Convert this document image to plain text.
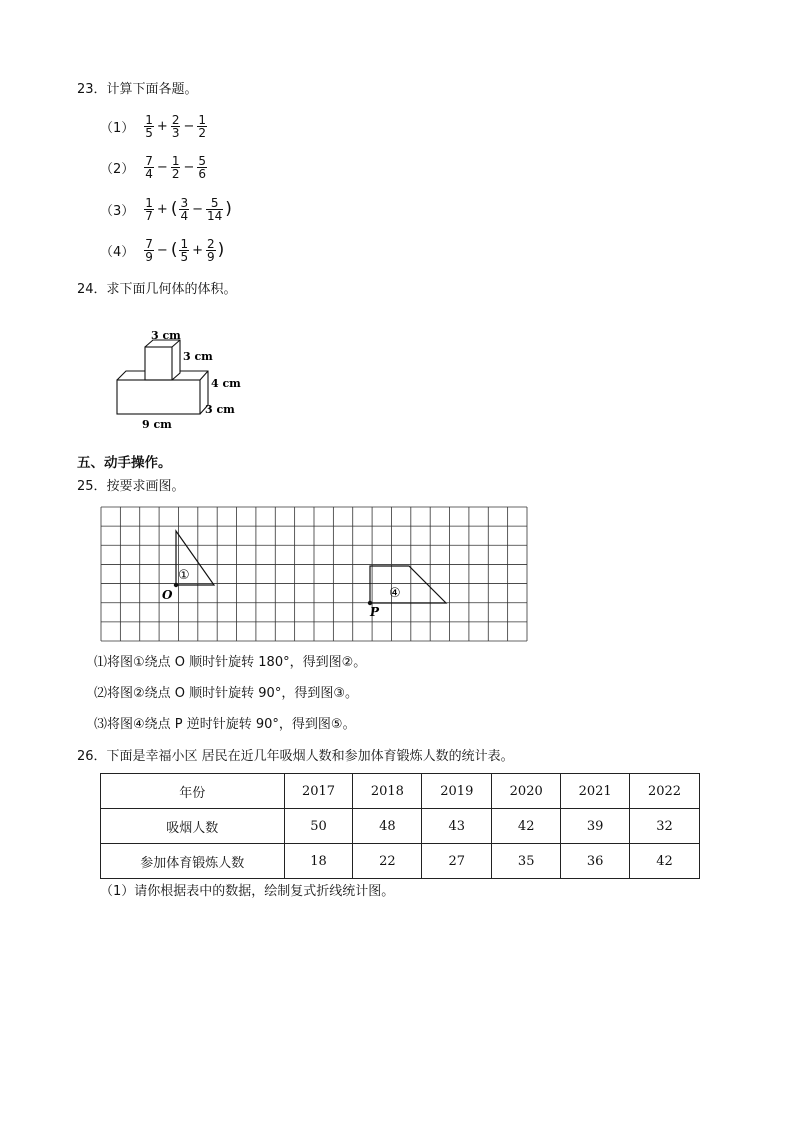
23．计算下面各题。
$(1) \frac{1}{5} + \frac{2}{3} - \frac{1}{2}$
$(2) \frac{7}{4} - \frac{1}{2} - \frac{5}{6}$
$(3) \frac{1}{7}$ + ( $\frac{3}{4} - \frac{5}{14}$ )
$(4) \frac{7}{9}$ − ( $\frac{1}{5} + \frac{2}{9}$ )
24．求下面几何体的体积。
3 cm
3 cm
4 cm
3 cm
9 cm
五、动手操作。
25．按要求画图。
①
④
O
P
⑴将图①绕点 O 顺时针旋转 180°，得到图②。
⑵将图②绕点 O 顺时针旋转 90°，得到图③。
⑶将图④绕点 P 逆时针旋转 90°，得到图⑤。
26．下面是幸福小区 居民在近几年吸烟人数和参加体育锻炼人数的统计表。
年份	2017	2018	2019	2020	2021	2022
吸烟人数	50	48	43	42	39	32
参加体育锻炼人数	18	22	27	35	36	42
（1）请你根据表中的数据，绘制复式折线统计图。
